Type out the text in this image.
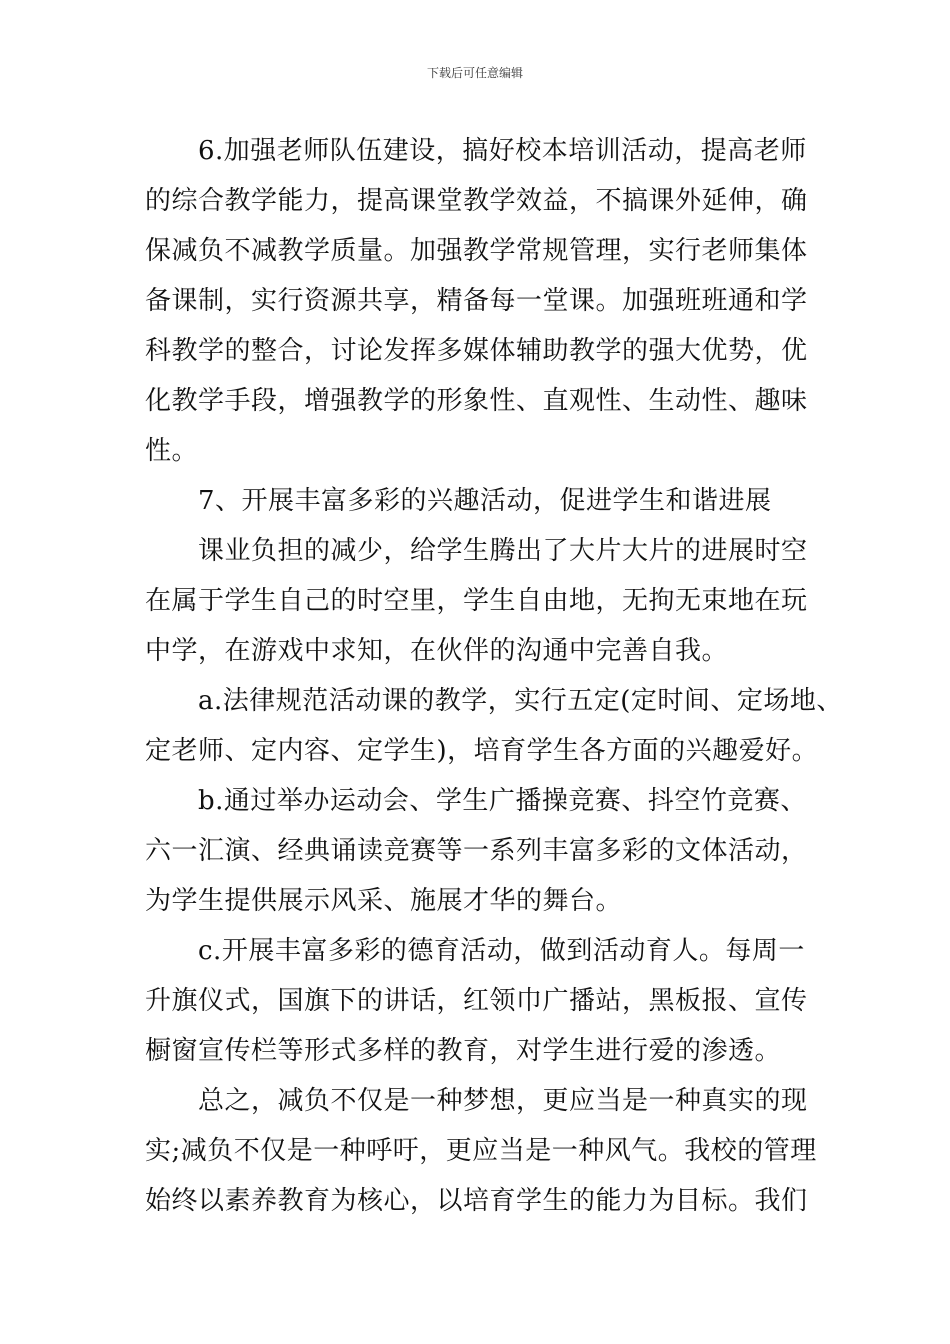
下载后可任意编辑
　　6.加强老师队伍建设，搞好校本培训活动，提高老师
的综合教学能力，提高课堂教学效益，不搞课外延伸，确
保减负不减教学质量。加强教学常规管理，实行老师集体
备课制，实行资源共享，精备每一堂课。加强班班通和学
科教学的整合，讨论发挥多媒体辅助教学的强大优势，优
化教学手段，增强教学的形象性、直观性、生动性、趣味
性。
　　7、开展丰富多彩的兴趣活动，促进学生和谐进展
　　课业负担的减少，给学生腾出了大片大片的进展时空
在属于学生自己的时空里，学生自由地，无拘无束地在玩
中学，在游戏中求知，在伙伴的沟通中完善自我。
　　a.法律规范活动课的教学，实行五定(定时间、定场地、
定老师、定内容、定学生)，培育学生各方面的兴趣爱好。
　　b.通过举办运动会、学生广播操竞赛、抖空竹竞赛、
六一汇演、经典诵读竞赛等一系列丰富多彩的文体活动，
为学生提供展示风采、施展才华的舞台。
　　c.开展丰富多彩的德育活动，做到活动育人。每周一
升旗仪式，国旗下的讲话，红领巾广播站，黑板报、宣传
橱窗宣传栏等形式多样的教育，对学生进行爱的渗透。
　　总之，减负不仅是一种梦想，更应当是一种真实的现
实;减负不仅是一种呼吁，更应当是一种风气。我校的管理
始终以素养教育为核心，以培育学生的能力为目标。我们
